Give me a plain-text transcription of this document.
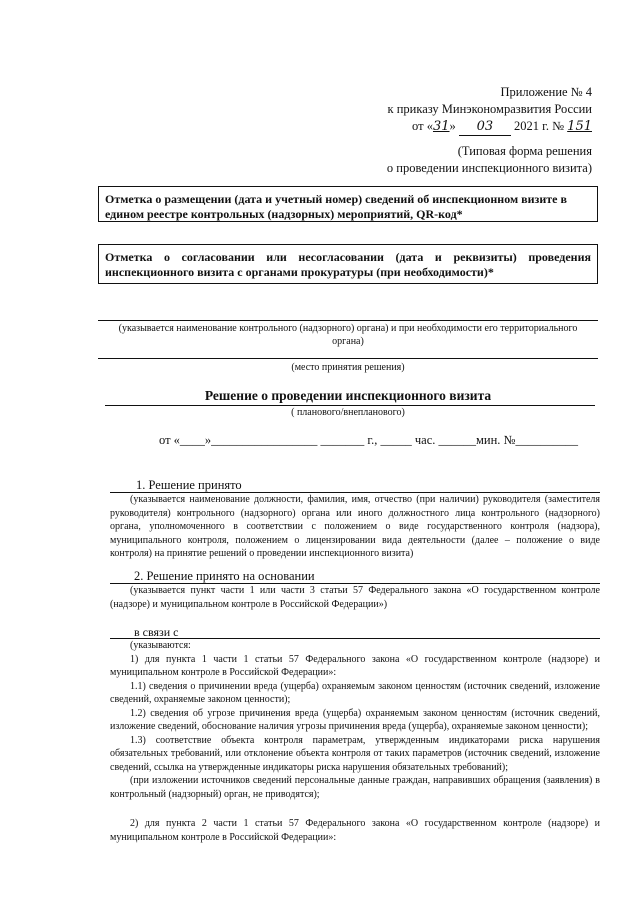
Приложение № 4
к приказу Минэкономразвития России
от «31» 03 2021 г. № 151
(Типовая форма решения
о проведении инспекционного визита)
Отметка о размещении (дата и учетный номер) сведений об инспекционном визите в едином реестре контрольных (надзорных) мероприятий, QR-код*
Отметка о согласовании или несогласовании (дата и реквизиты) проведения инспекционного визита с органами прокуратуры (при необходимости)*
(указывается наименование контрольного (надзорного) органа) и при необходимости его территориального органа)
(место принятия решения)
Решение о проведении инспекционного визита
( планового/внепланового)
от «____»_________________ _______ г., _____ час. ______мин. №__________
1. Решение принято
(указывается наименование должности, фамилия, имя, отчество (при наличии) руководителя (заместителя руководителя) контрольного (надзорного) органа или иного должностного лица контрольного (надзорного) органа, уполномоченного в соответствии с положением о виде государственного контроля (надзора), муниципального контроля, положением о лицензировании вида деятельности (далее – положение о виде контроля) на принятие решений о проведении инспекционного визита)
2. Решение принято на основании
(указывается пункт части 1 или части 3 статьи 57 Федерального закона «О государственном контроле (надзоре) и муниципальном контроле в Российской Федерации»)
в связи с
(указываются:
1) для пункта 1 части 1 статьи 57 Федерального закона «О государственном контроле (надзоре) и муниципальном контроле в Российской Федерации»:
1.1) сведения о причинении вреда (ущерба) охраняемым законом ценностям (источник сведений, изложение сведений, охраняемые законом ценности);
1.2) сведения об угрозе причинения вреда (ущерба) охраняемым законом ценностям (источник сведений, изложение сведений, обоснование наличия угрозы причинения вреда (ущерба), охраняемые законом ценности);
1.3) соответствие объекта контроля параметрам, утвержденным индикаторами риска нарушения обязательных требований, или отклонение объекта контроля от таких параметров (источник сведений, изложение сведений, ссылка на утвержденные индикаторы риска нарушения обязательных требований);
(при изложении источников сведений персональные данные граждан, направивших обращения (заявления) в контрольный (надзорный) орган, не приводятся);
2) для пункта 2 части 1 статьи 57 Федерального закона «О государственном контроле (надзоре) и муниципальном контроле в Российской Федерации»:
